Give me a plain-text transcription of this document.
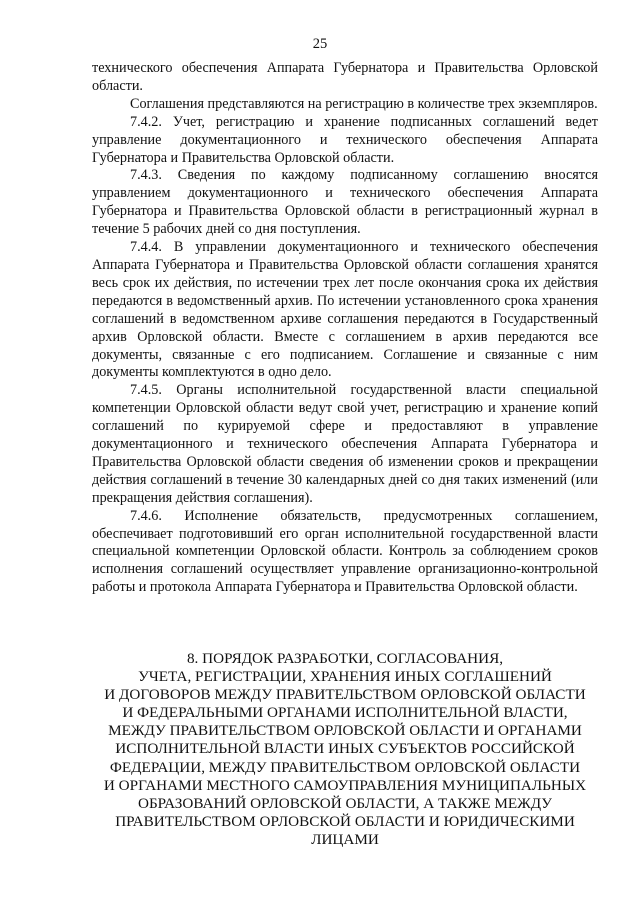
25

технического обеспечения Аппарата Губернатора и Правительства Орловской области.

Соглашения представляются на регистрацию в количестве трех экземпляров.

7.4.2. Учет, регистрацию и хранение подписанных соглашений ведет управление документационного и технического обеспечения Аппарата Губернатора и Правительства Орловской области.

7.4.3. Сведения по каждому подписанному соглашению вносятся управлением документационного и технического обеспечения Аппарата Губернатора и Правительства Орловской области в регистрационный журнал в течение 5 рабочих дней со дня поступления.

7.4.4. В управлении документационного и технического обеспечения Аппарата Губернатора и Правительства Орловской области соглашения хранятся весь срок их действия, по истечении трех лет после окончания срока их действия передаются в ведомственный архив. По истечении установленного срока хранения соглашений в ведомственном архиве соглашения передаются в Государственный архив Орловской области. Вместе с соглашением в архив передаются все документы, связанные с его подписанием. Соглашение и связанные с ним документы комплектуются в одно дело.

7.4.5. Органы исполнительной государственной власти специальной компетенции Орловской области ведут свой учет, регистрацию и хранение копий соглашений по курируемой сфере и предоставляют в управление документационного и технического обеспечения Аппарата Губернатора и Правительства Орловской области сведения об изменении сроков и прекращении действия соглашений в течение 30 календарных дней со дня таких изменений (или прекращения действия соглашения).

7.4.6. Исполнение обязательств, предусмотренных соглашением, обеспечивает подготовивший его орган исполнительной государственной власти специальной компетенции Орловской области. Контроль за соблюдением сроков исполнения соглашений осуществляет управление организационно-контрольной работы и протокола Аппарата Губернатора и Правительства Орловской области.

8. ПОРЯДОК РАЗРАБОТКИ, СОГЛАСОВАНИЯ,
УЧЕТА, РЕГИСТРАЦИИ, ХРАНЕНИЯ ИНЫХ СОГЛАШЕНИЙ
И ДОГОВОРОВ МЕЖДУ ПРАВИТЕЛЬСТВОМ ОРЛОВСКОЙ ОБЛАСТИ
И ФЕДЕРАЛЬНЫМИ ОРГАНАМИ ИСПОЛНИТЕЛЬНОЙ ВЛАСТИ,
МЕЖДУ ПРАВИТЕЛЬСТВОМ ОРЛОВСКОЙ ОБЛАСТИ И ОРГАНАМИ
ИСПОЛНИТЕЛЬНОЙ ВЛАСТИ ИНЫХ СУБЪЕКТОВ РОССИЙСКОЙ
ФЕДЕРАЦИИ, МЕЖДУ ПРАВИТЕЛЬСТВОМ ОРЛОВСКОЙ ОБЛАСТИ
И ОРГАНАМИ МЕСТНОГО САМОУПРАВЛЕНИЯ МУНИЦИПАЛЬНЫХ
ОБРАЗОВАНИЙ ОРЛОВСКОЙ ОБЛАСТИ, А ТАКЖЕ МЕЖДУ
ПРАВИТЕЛЬСТВОМ ОРЛОВСКОЙ ОБЛАСТИ И ЮРИДИЧЕСКИМИ
ЛИЦАМИ
